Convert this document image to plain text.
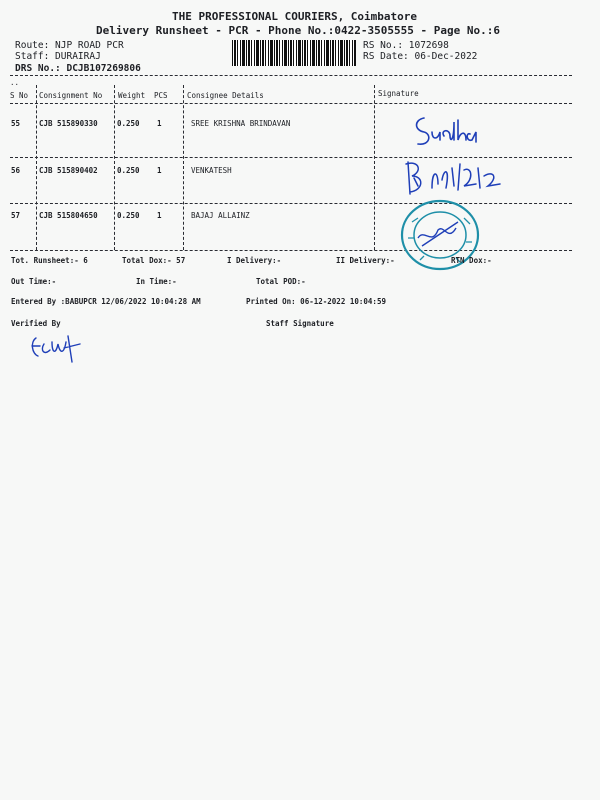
THE PROFESSIONAL COURIERS, Coimbatore
Delivery Runsheet - PCR - Phone No.:0422-3505555 - Page No.:6
Route: NJP ROAD PCR
Staff: DURAIRAJ
DRS No.: DCJB107269806
RS No.: 1072698
RS Date: 06-Dec-2022
..
S No Consignment No Weight PCS	Consignee Details	Signature
55	CJB 515890330	0.250 1	SREE KRISHNA BRINDAVAN
56	CJB 515890402	0.250 1	VENKATESH
57	CJB 515804650	0.250 1	BAJAJ ALLAINZ
Tot. Runsheet:- 6	Total Dox:- 57	I Delivery:-	II Delivery:-	RTN Dox:-
Out Time:-	In Time:-	Total POD:-
Entered By :BABUPCR 12/06/2022 10:04:28 AM	Printed On: 06-12-2022 10:04:59
Verified By	Staff Signature
